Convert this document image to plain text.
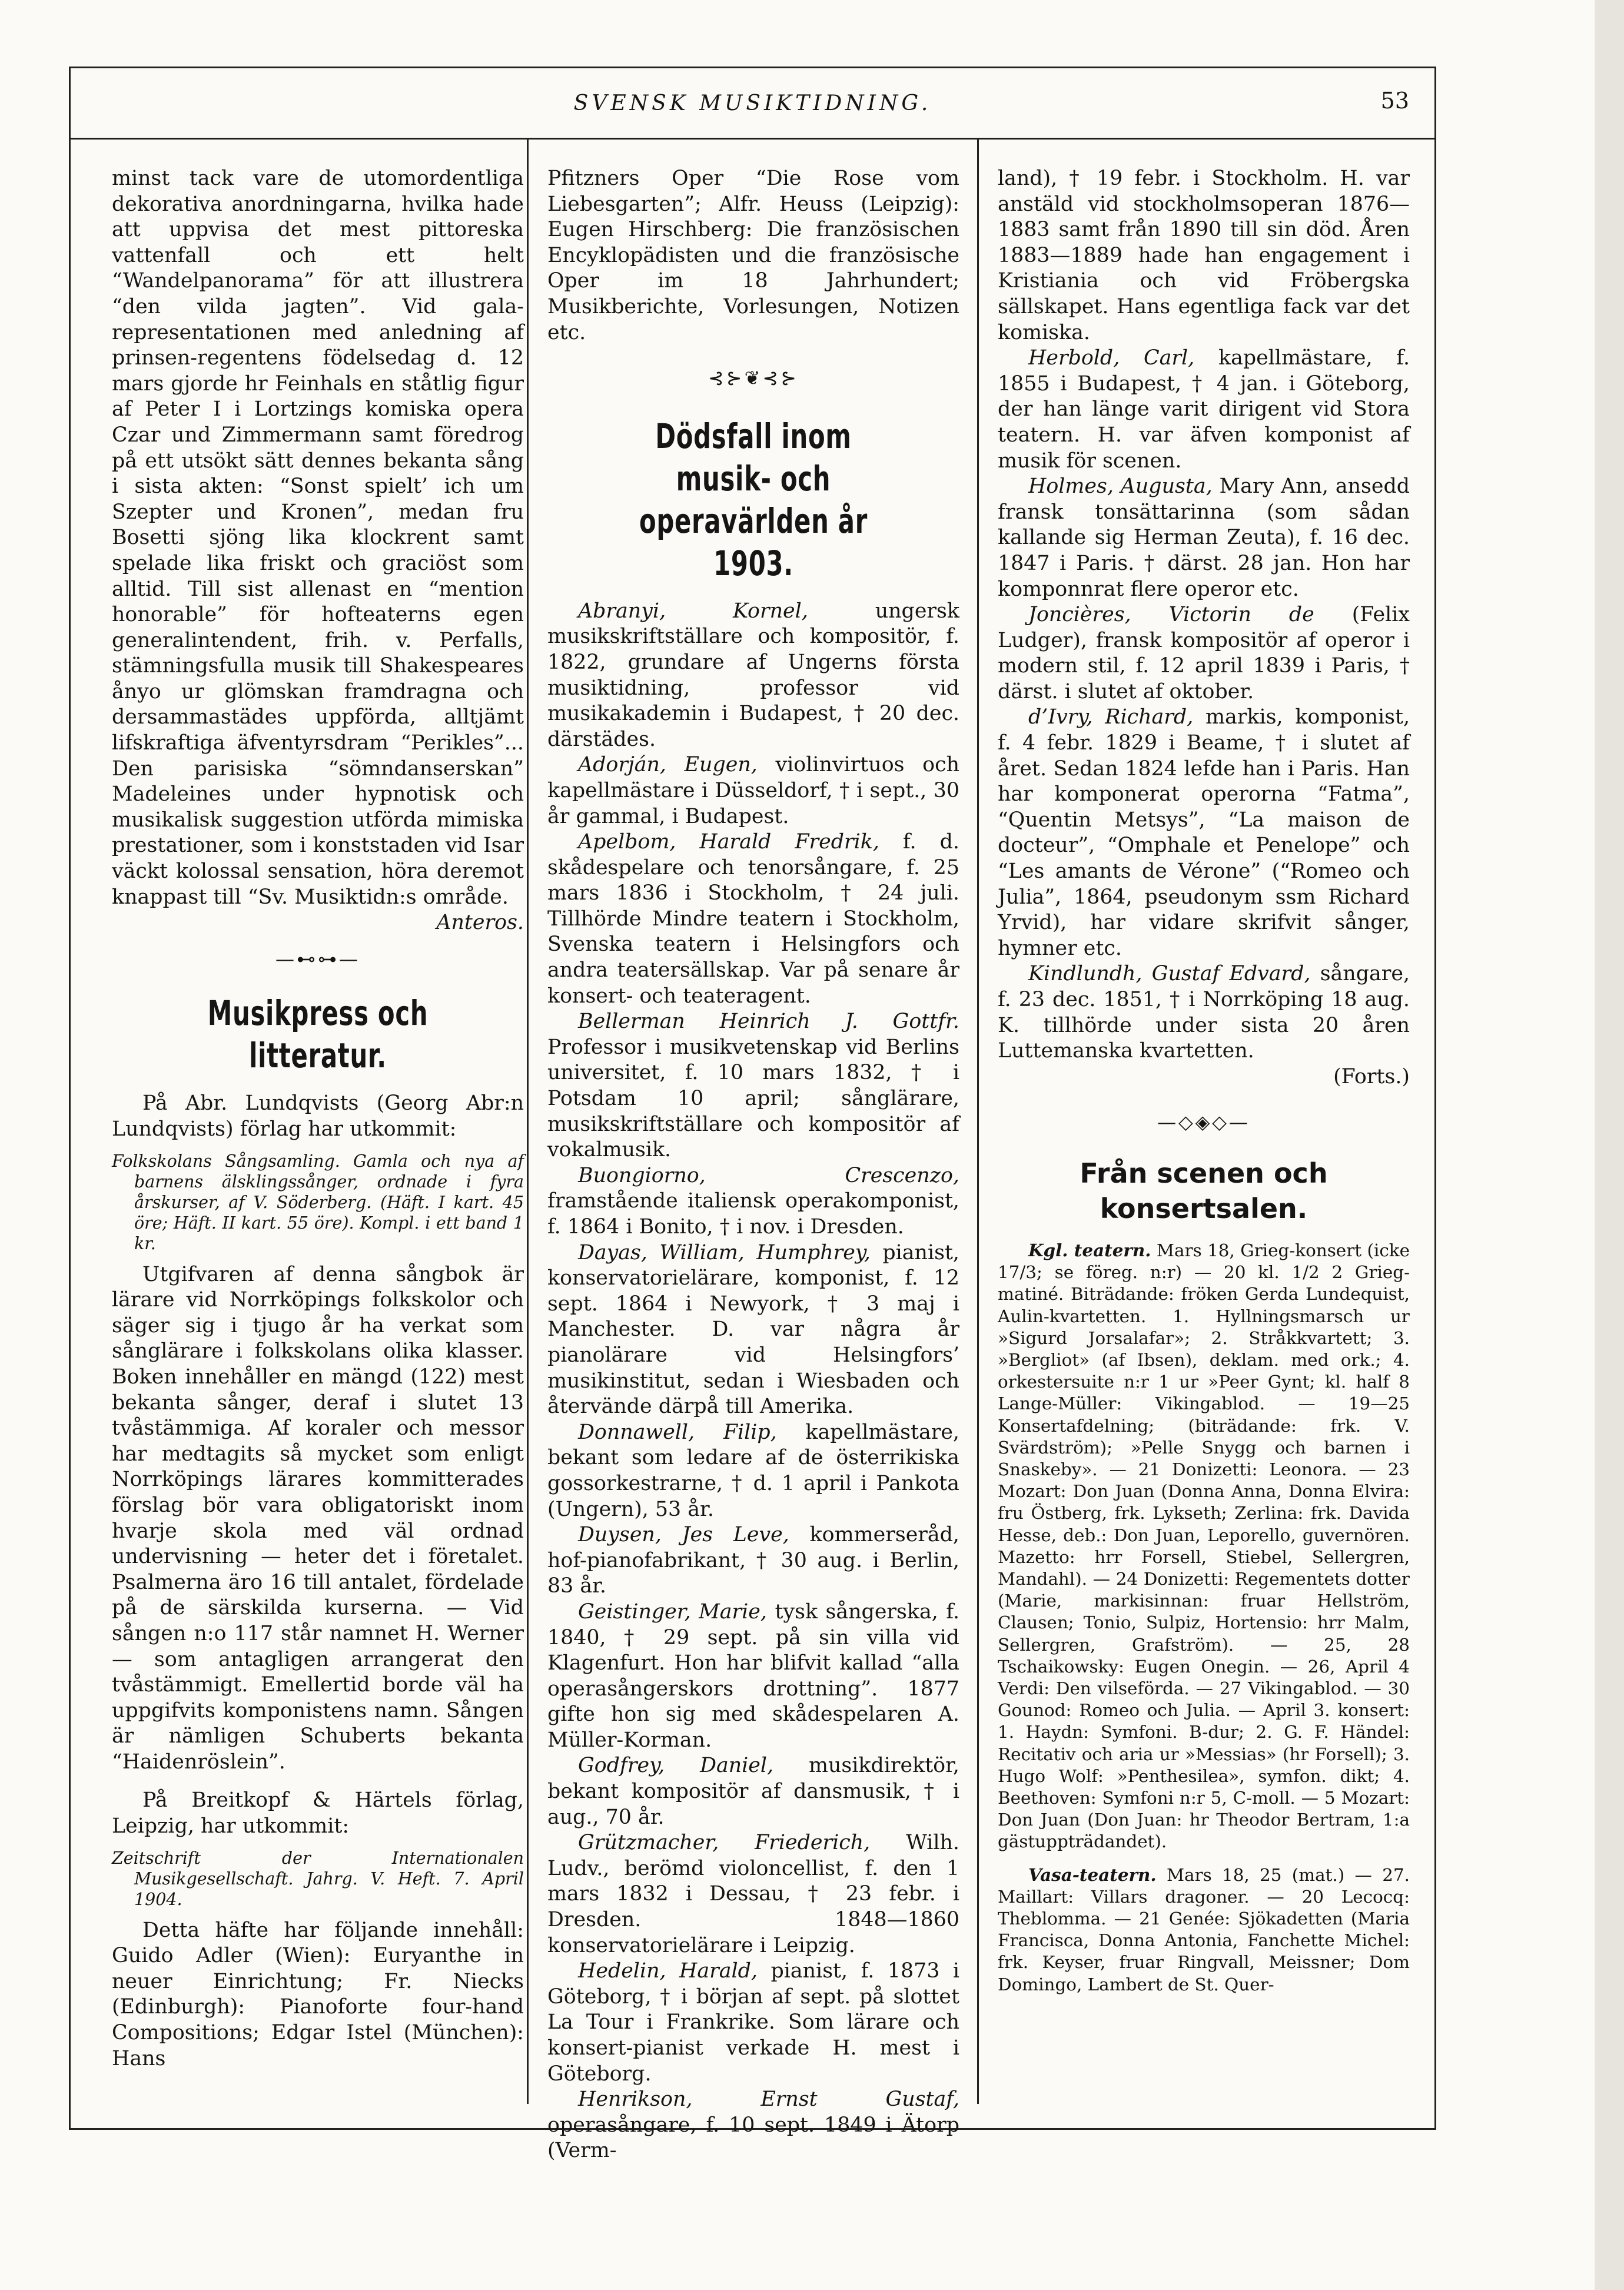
SVENSK MUSIKTIDNING.	53

minst tack vare de utomordentliga dekorativa anordningarna, hvilka hade att uppvisa det mest pittoreska vattenfall och ett helt “Wandelpanorama” för att illustrera “den vilda jagten”. Vid gala-representationen med anledning af prinsen-regentens födelsedag d. 12 mars gjorde hr Feinhals en ståtlig figur af Peter I i Lortzings komiska opera Czar und Zimmermann samt föredrog på ett utsökt sätt dennes bekanta sång i sista akten: “Sonst spielt’ ich um Szepter und Kronen”, medan fru Bosetti sjöng lika klockrent samt spelade lika friskt och graciöst som alltid. Till sist allenast en “mention honorable” för hofteaterns egen generalintendent, frih. v. Perfalls, stämningsfulla musik till Shakespeares ånyo ur glömskan framdragna och dersammastädes uppförda, alltjämt lifskraftiga äfventyrsdram “Perikles”... Den parisiska “sömndanserskan” Madeleines under hypnotisk och musikalisk suggestion utförda mimiska prestationer, som i konststaden vid Isar väckt kolossal sensation, höra deremot knappast till “Sv. Musiktidn:s område.

Anteros.

—⊷⊶—
Musikpress och litteratur.

På Abr. Lundqvists (Georg Abr:n Lundqvists) förlag har utkommit:

Folkskolans Sångsamling. Gamla och nya af barnens älsklingssånger, ordnade i fyra årskurser, af V. Söderberg. (Häft. I kart. 45 öre; Häft. II kart. 55 öre). Kompl. i ett band 1 kr.

Utgifvaren af denna sångbok är lärare vid Norrköpings folkskolor och säger sig i tjugo år ha verkat som sånglärare i folkskolans olika klasser. Boken innehåller en mängd (122) mest bekanta sånger, deraf i slutet 13 tvåstämmiga. Af koraler och messor har medtagits så mycket som enligt Norrköpings lärares kommitterades förslag bör vara obligatoriskt inom hvarje skola med väl ordnad undervisning — heter det i företalet. Psalmerna äro 16 till antalet, fördelade på de särskilda kurserna. — Vid sången n:o 117 står namnet H. Werner — som antagligen arrangerat den tvåstämmigt. Emellertid borde väl ha uppgifvits komponistens namn. Sången är nämligen Schuberts bekanta “Haidenröslein”.

På Breitkopf & Härtels förlag, Leipzig, har utkommit:

Zeitschrift der Internationalen Musikgesellschaft. Jahrg. V. Heft. 7. April 1904.

Detta häfte har följande innehåll: Guido Adler (Wien): Euryanthe in neuer Einrichtung; Fr. Niecks (Edinburgh): Pianoforte four-hand Compositions; Edgar Istel (München): Hans

Pfitzners Oper “Die Rose vom Liebesgarten”; Alfr. Heuss (Leipzig): Eugen Hirschberg: Die französischen Encyklopädisten und die französische Oper im 18 Jahrhundert; Musikberichte, Vorlesungen, Notizen etc.

⊰⊱❦⊰⊱
Dödsfall inom musik- och operavärlden år 1903.

Abranyi, Kornel,	ungersk musikskriftställare och kompositör, f. 1822, grundare af Ungerns första musiktidning, professor vid musikakademin i Budapest, † 20 dec. därstädes.

Adorján, Eugen, violinvirtuos och kapellmästare i Düsseldorf, † i sept., 30 år gammal, i Budapest.

Apelbom, Harald Fredrik, f. d. skådespelare och tenorsångare, f. 25 mars 1836 i Stockholm, † 24 juli. Tillhörde Mindre teatern i Stockholm, Svenska teatern i Helsingfors och andra teatersällskap. Var på senare år konsert- och teateragent.

Bellerman Heinrich J. Gottfr. Professor i musikvetenskap vid Berlins universitet, f. 10 mars 1832, † i Potsdam 10 april; sånglärare, musikskriftställare och kompositör af vokalmusik.

Buongiorno, Crescenzo, framstående italiensk operakomponist, f. 1864 i Bonito, † i nov. i Dresden.

Dayas, William, Humphrey, pianist, konservatorielärare, komponist, f. 12 sept. 1864 i Newyork, † 3 maj i Manchester. D. var några år pianolärare vid Helsingfors’ musikinstitut, sedan i Wiesbaden och återvände därpå till Amerika.

Donnawell, Filip, kapellmästare, bekant som ledare af de österrikiska gossorkestrarne, † d. 1 april i Pankota (Ungern), 53 år.

Duysen, Jes Leve, kommerseråd, hof-pianofabrikant, † 30 aug. i Berlin, 83 år.

Geistinger, Marie, tysk sångerska, f. 1840, † 29 sept. på sin villa vid Klagenfurt. Hon har blifvit kallad “alla operasångerskors drottning”. 1877 gifte hon sig med skådespelaren A. Müller-Korman.

Godfrey, Daniel, musikdirektör, bekant kompositör af dansmusik, † i aug., 70 år.

Grützmacher, Friederich, Wilh. Ludv., berömd violoncellist, f. den 1 mars 1832 i Dessau, † 23 febr. i Dresden. 1848—1860 konservatorielärare i Leipzig.

Hedelin, Harald, pianist, f. 1873 i Göteborg, † i början af sept. på slottet La Tour i Frankrike. Som lärare och konsert-pianist verkade H. mest i Göteborg.

Henrikson, Ernst Gustaf, operasångare, f. 10 sept. 1849 i Ätorp (Verm-

land), † 19 febr. i Stockholm. H. var anstäld vid stockholmsoperan 1876—1883 samt från 1890 till sin död. Åren 1883—1889 hade han engagement i Kristiania och vid Fröbergska sällskapet. Hans egentliga fack var det komiska.

Herbold, Carl, kapellmästare, f. 1855 i Budapest, † 4 jan. i Göteborg, der han länge varit dirigent vid Stora teatern. H. var äfven komponist af musik för scenen.

Holmes, Augusta, Mary Ann, ansedd fransk tonsättarinna (som sådan kallande sig Herman Zeuta), f. 16 dec. 1847 i Paris. † därst. 28 jan. Hon har komponnrat flere operor etc.

Joncières, Victorin de (Felix Ludger), fransk kompositör af operor i modern stil, f. 12 april 1839 i Paris, † därst. i slutet af oktober.

d’Ivry, Richard, markis, komponist, f. 4 febr. 1829 i Beame, † i slutet af året. Sedan 1824 lefde han i Paris. Han har komponerat operorna “Fatma”, “Quentin Metsys”, “La maison de docteur”, “Omphale et Penelope” och “Les amants de Vérone” (“Romeo och Julia”, 1864, pseudonym ssm Richard Yrvid), har vidare skrifvit sånger, hymner etc.

Kindlundh, Gustaf Edvard, sångare, f. 23 dec. 1851, † i Norrköping 18 aug. K. tillhörde under sista 20 åren Luttemanska kvartetten.

(Forts.)

—◇◈◇—
Från scenen och konsertsalen.

Kgl. teatern. Mars 18, Grieg-konsert (icke 17/3; se föreg. n:r) — 20 kl. 1/2 2 Grieg-matiné. Biträdande: fröken Gerda Lundequist, Aulin-kvartetten. 1. Hyllningsmarsch ur »Sigurd Jorsalafar»; 2. Stråkkvartett; 3. »Bergliot» (af Ibsen), deklam. med ork.; 4. orkestersuite n:r 1 ur »Peer Gynt; kl. half 8 Lange-Müller: Vikingablod. — 19—25 Konsertafdelning; (biträdande: frk. V. Svärdström); »Pelle Snygg och barnen i Snaskeby». — 21 Donizetti: Leonora. — 23 Mozart: Don Juan (Donna Anna, Donna Elvira: fru Östberg, frk. Lykseth; Zerlina: frk. Davida Hesse, deb.: Don Juan, Leporello, guvernören. Mazetto: hrr Forsell, Stiebel, Sellergren, Mandahl). — 24 Donizetti: Regementets dotter (Marie, markisinnan: fruar Hellström, Clausen; Tonio, Sulpiz, Hortensio: hrr Malm, Sellergren, Grafström). — 25, 28 Tschaikowsky: Eugen Onegin. — 26, April 4 Verdi: Den vilseförda. — 27 Vikingablod. — 30 Gounod: Romeo och Julia. — April 3. konsert: 1. Haydn: Symfoni. B-dur; 2. G. F. Händel: Recitativ och aria ur »Messias» (hr Forsell); 3. Hugo Wolf: »Penthesilea», symfon. dikt; 4. Beethoven: Symfoni n:r 5, C-moll. — 5 Mozart: Don Juan (Don Juan: hr Theodor Bertram, 1:a gästuppträdandet).

Vasa-teatern. Mars 18, 25 (mat.) — 27. Maillart: Villars dragoner. — 20 Lecocq: Theblomma. — 21 Genée: Sjökadetten (Maria Francisca, Donna Antonia, Fanchette Michel: frk. Keyser, fruar Ringvall, Meissner; Dom Domingo, Lambert de St. Quer-
